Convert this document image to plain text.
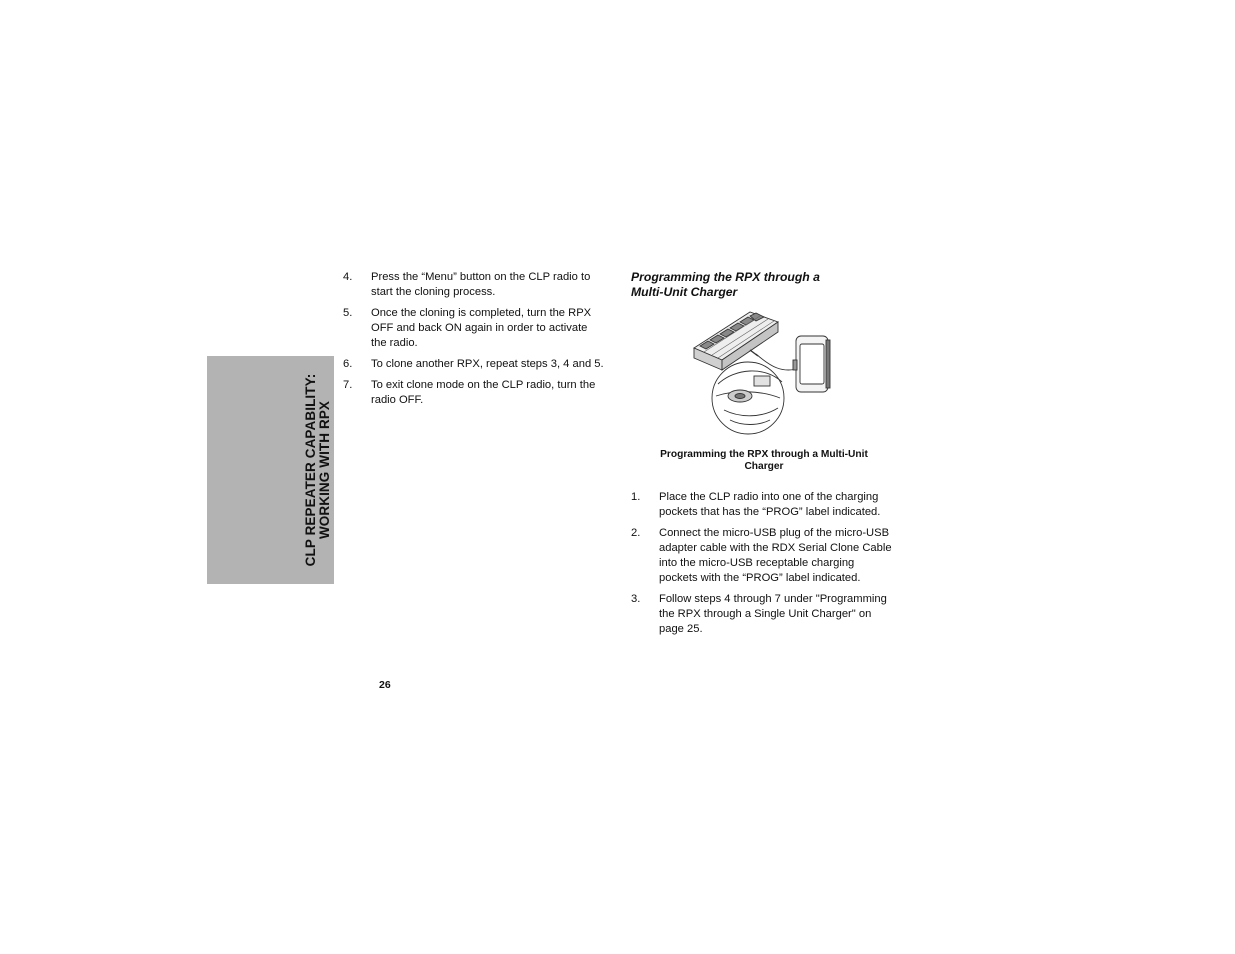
CLP REPEATER CAPABILITY: WORKING WITH RPX
4. Press the “Menu” button on the CLP radio to start the cloning process.
5. Once the cloning is completed, turn the RPX OFF and back ON again in order to activate the radio.
6. To clone another RPX, repeat steps 3, 4 and 5.
7. To exit clone mode on the CLP radio, turn the radio OFF.
Programming the RPX through a
Multi-Unit Charger
Programming the RPX through a Multi-Unit
Charger
1. Place the CLP radio into one of the charging pockets that has the “PROG” label indicated.
2. Connect the micro-USB plug of the micro-USB adapter cable with the RDX Serial Clone Cable into the micro-USB receptable charging pockets with the “PROG” label indicated.
3. Follow steps 4 through 7 under "Programming the RPX through a Single Unit Charger" on page 25.
26
